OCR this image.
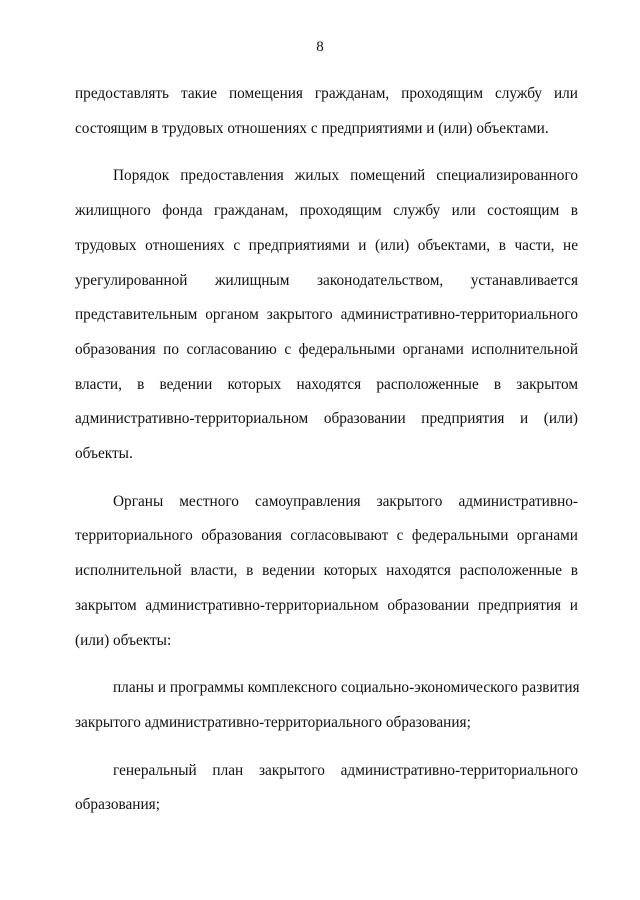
8

предоставлять такие помещения гражданам, проходящим службу или
состоящим в трудовых отношениях с предприятиями и (или) объектами.

Порядок предоставления жилых помещений специализированного
жилищного фонда гражданам, проходящим службу или состоящим в
трудовых отношениях с предприятиями и (или) объектами, в части, не
урегулированной жилищным законодательством, устанавливается
представительным органом закрытого административно-территориального
образования по согласованию с федеральными органами исполнительной
власти, в ведении которых находятся расположенные в закрытом
административно-территориальном образовании предприятия и (или)
объекты.

Органы местного самоуправления закрытого административно-
территориального образования согласовывают с федеральными органами
исполнительной власти, в ведении которых находятся расположенные в
закрытом административно-территориальном образовании предприятия и
(или) объекты:

планы и программы комплексного социально-экономического развития
закрытого административно-территориального образования;

генеральный план закрытого административно-территориального
образования;
